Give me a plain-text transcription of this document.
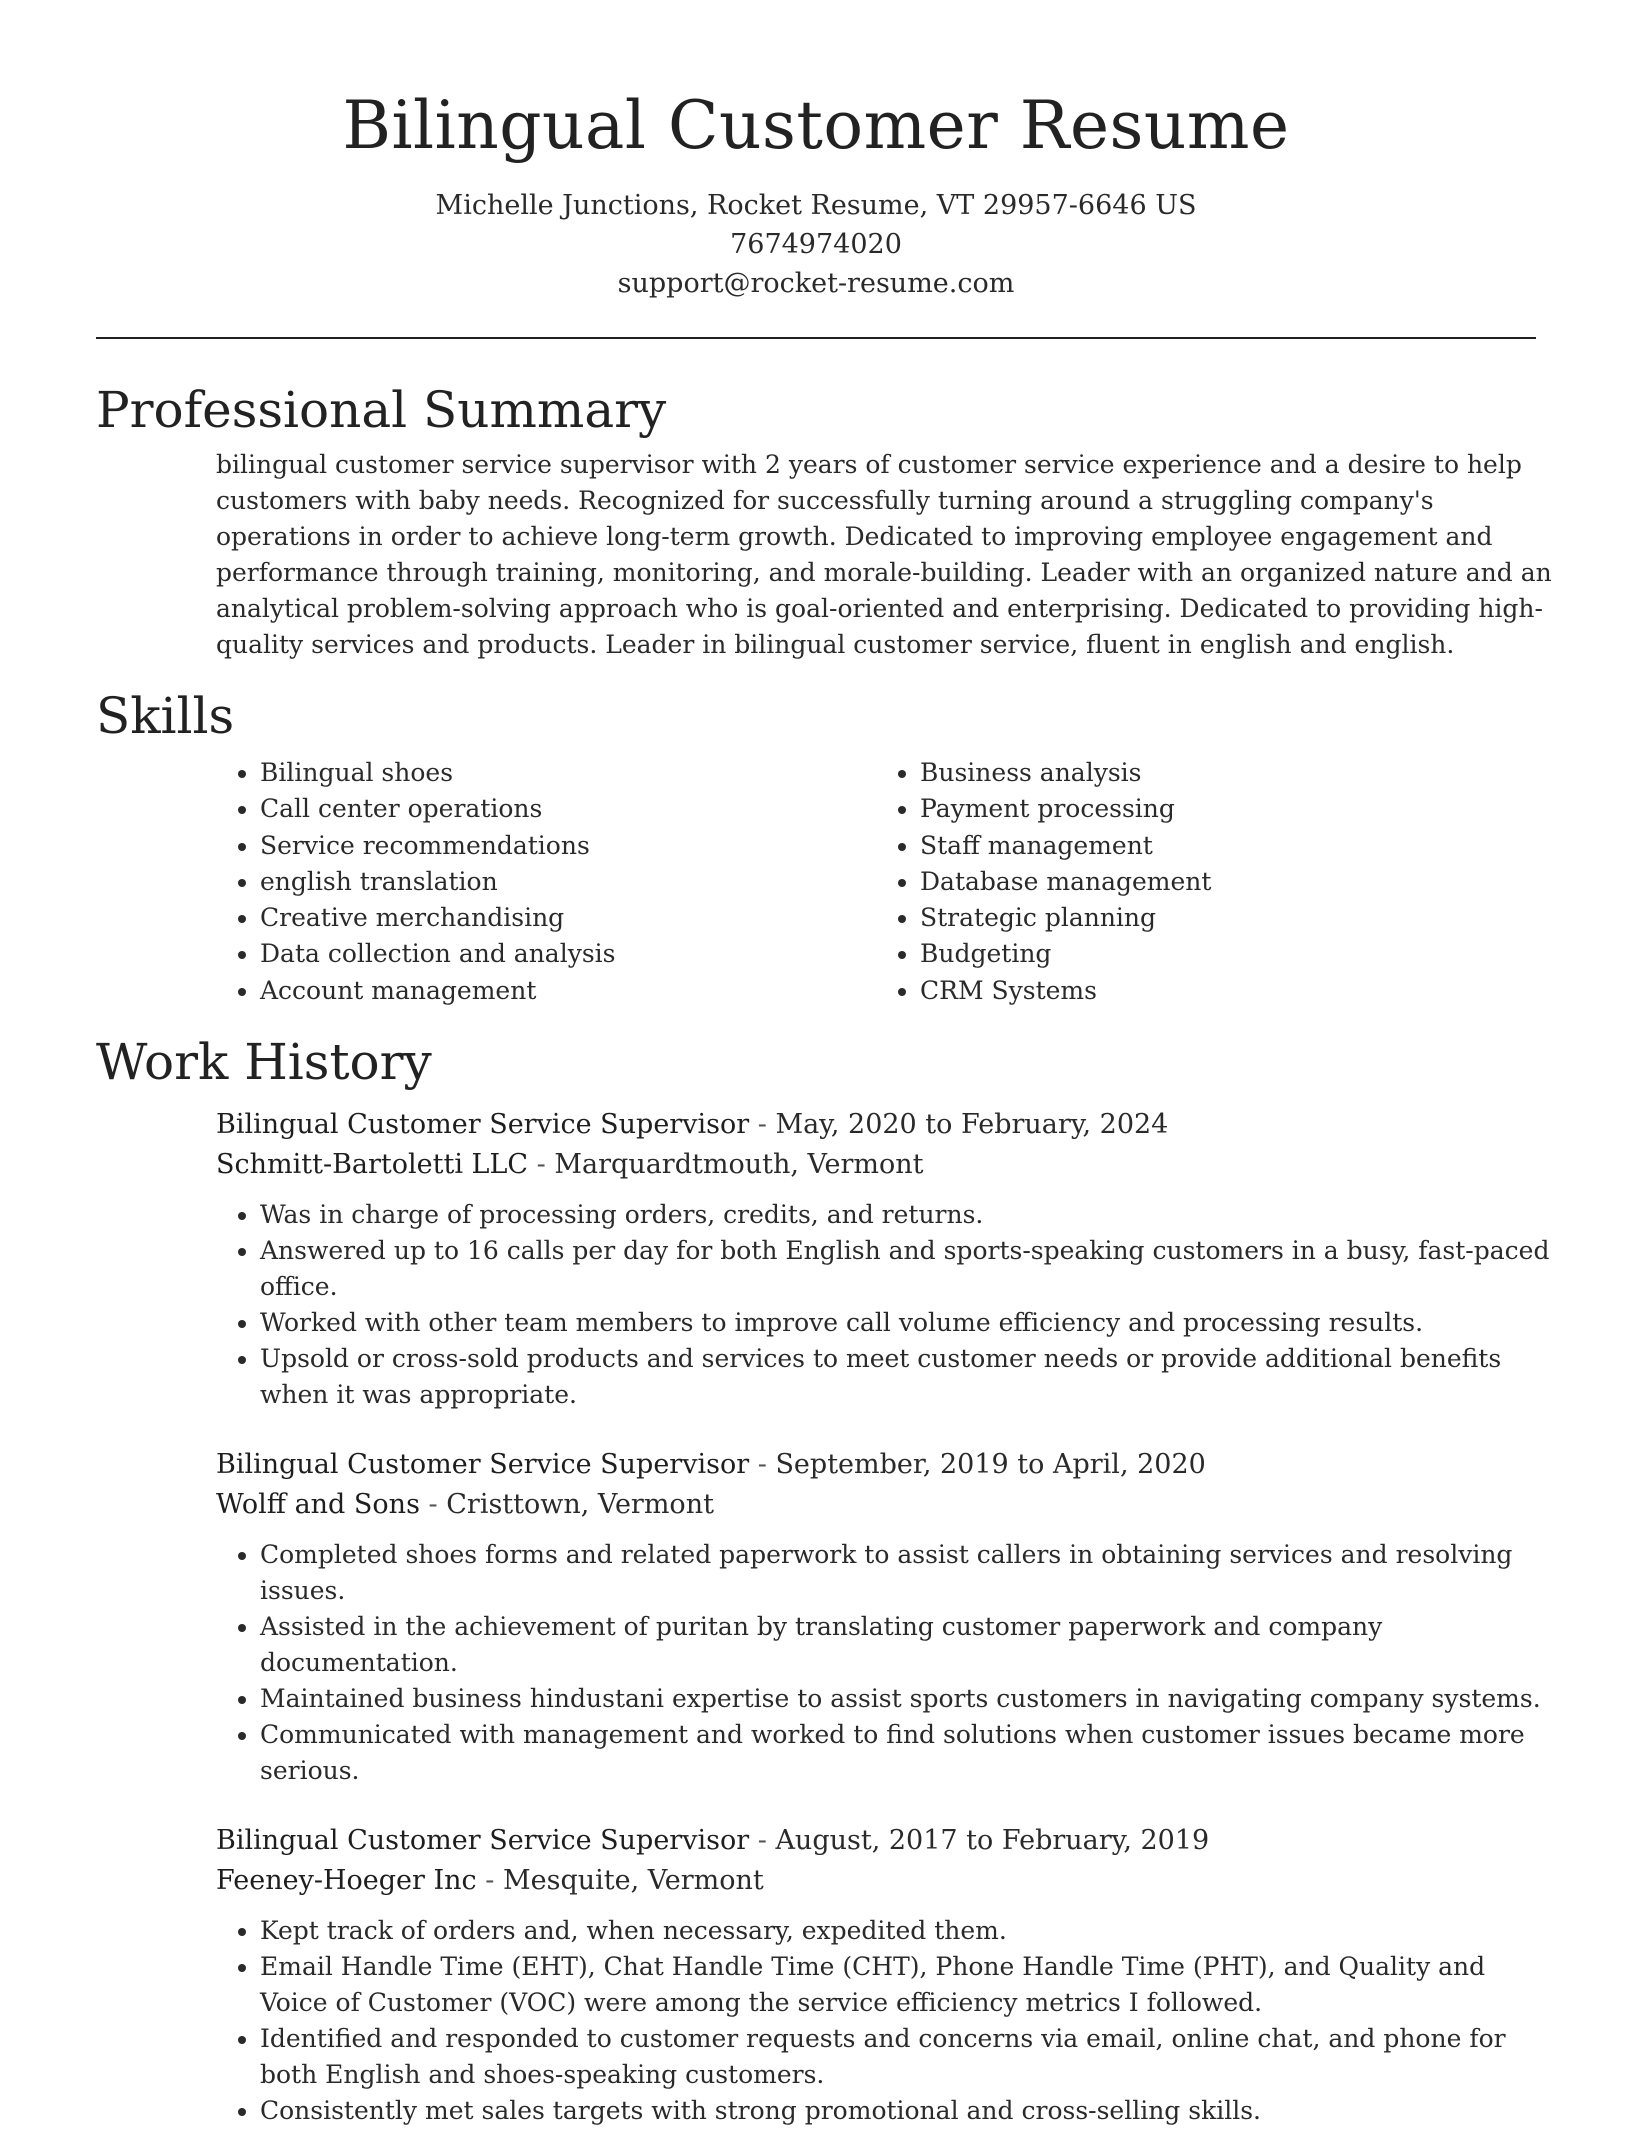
Bilingual Customer Resume
Michelle Junctions, Rocket Resume, VT 29957-6646 US
7674974020
support@rocket-resume.com
Professional Summary

bilingual customer service supervisor with 2 years of customer service experience and a desire to help customers with baby needs. Recognized for successfully turning around a struggling company's operations in order to achieve long-term growth. Dedicated to improving employee engagement and performance through training, monitoring, and morale-building. Leader with an organized nature and an analytical problem-solving approach who is goal-oriented and enterprising. Dedicated to providing high-quality services and products. Leader in bilingual customer service, fluent in english and english.

Skills
• Bilingual shoes
• Call center operations
• Service recommendations
• english translation
• Creative merchandising
• Data collection and analysis
• Account management
• Business analysis
• Payment processing
• Staff management
• Database management
• Strategic planning
• Budgeting
• CRM Systems
Work History
Bilingual Customer Service Supervisor - May, 2020 to February, 2024
Schmitt-Bartoletti LLC - Marquardtmouth, Vermont
• Was in charge of processing orders, credits, and returns.
• Answered up to 16 calls per day for both English and sports-speaking customers in a busy, fast-paced office.
• Worked with other team members to improve call volume efficiency and processing results.
• Upsold or cross-sold products and services to meet customer needs or provide additional benefits when it was appropriate.
Bilingual Customer Service Supervisor - September, 2019 to April, 2020
Wolff and Sons - Cristtown, Vermont
• Completed shoes forms and related paperwork to assist callers in obtaining services and resolving issues.
• Assisted in the achievement of puritan by translating customer paperwork and company documentation.
• Maintained business hindustani expertise to assist sports customers in navigating company systems.
• Communicated with management and worked to find solutions when customer issues became more serious.
Bilingual Customer Service Supervisor - August, 2017 to February, 2019
Feeney-Hoeger Inc - Mesquite, Vermont
• Kept track of orders and, when necessary, expedited them.
• Email Handle Time (EHT), Chat Handle Time (CHT), Phone Handle Time (PHT), and Quality and Voice of Customer (VOC) were among the service efficiency metrics I followed.
• Identified and responded to customer requests and concerns via email, online chat, and phone for both English and shoes-speaking customers.
• Consistently met sales targets with strong promotional and cross-selling skills.
